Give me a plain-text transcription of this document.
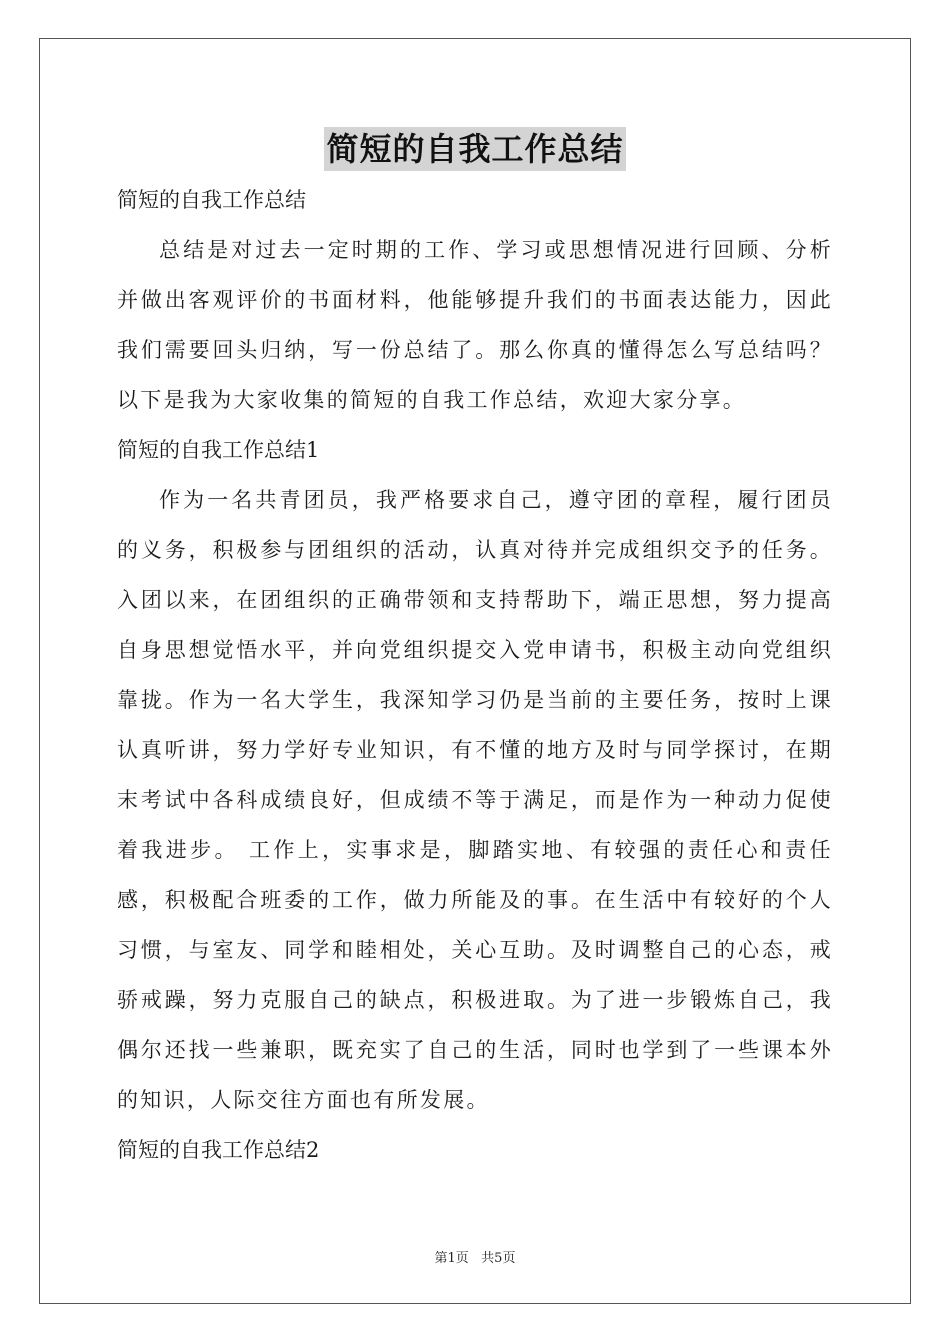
简短的自我工作总结
简短的自我工作总结
总结是对过去一定时期的工作、学习或思想情况进行回顾、分析并做出客观评价的书面材料，他能够提升我们的书面表达能力，因此我们需要回头归纳，写一份总结了。那么你真的懂得怎么写总结吗？以下是我为大家收集的简短的自我工作总结，欢迎大家分享。
简短的自我工作总结1
作为一名共青团员，我严格要求自己，遵守团的章程，履行团员的义务，积极参与团组织的活动，认真对待并完成组织交予的任务。入团以来，在团组织的正确带领和支持帮助下，端正思想，努力提高自身思想觉悟水平，并向党组织提交入党申请书，积极主动向党组织靠拢。作为一名大学生，我深知学习仍是当前的主要任务，按时上课认真听讲，努力学好专业知识，有不懂的地方及时与同学探讨，在期末考试中各科成绩良好，但成绩不等于满足，而是作为一种动力促使着我进步。 工作上，实事求是，脚踏实地、有较强的责任心和责任感，积极配合班委的工作，做力所能及的事。在生活中有较好的个人习惯，与室友、同学和睦相处，关心互助。及时调整自己的心态，戒骄戒躁，努力克服自己的缺点，积极进取。为了进一步锻炼自己，我偶尔还找一些兼职，既充实了自己的生活，同时也学到了一些课本外的知识，人际交往方面也有所发展。
简短的自我工作总结2
第1页   共5页
